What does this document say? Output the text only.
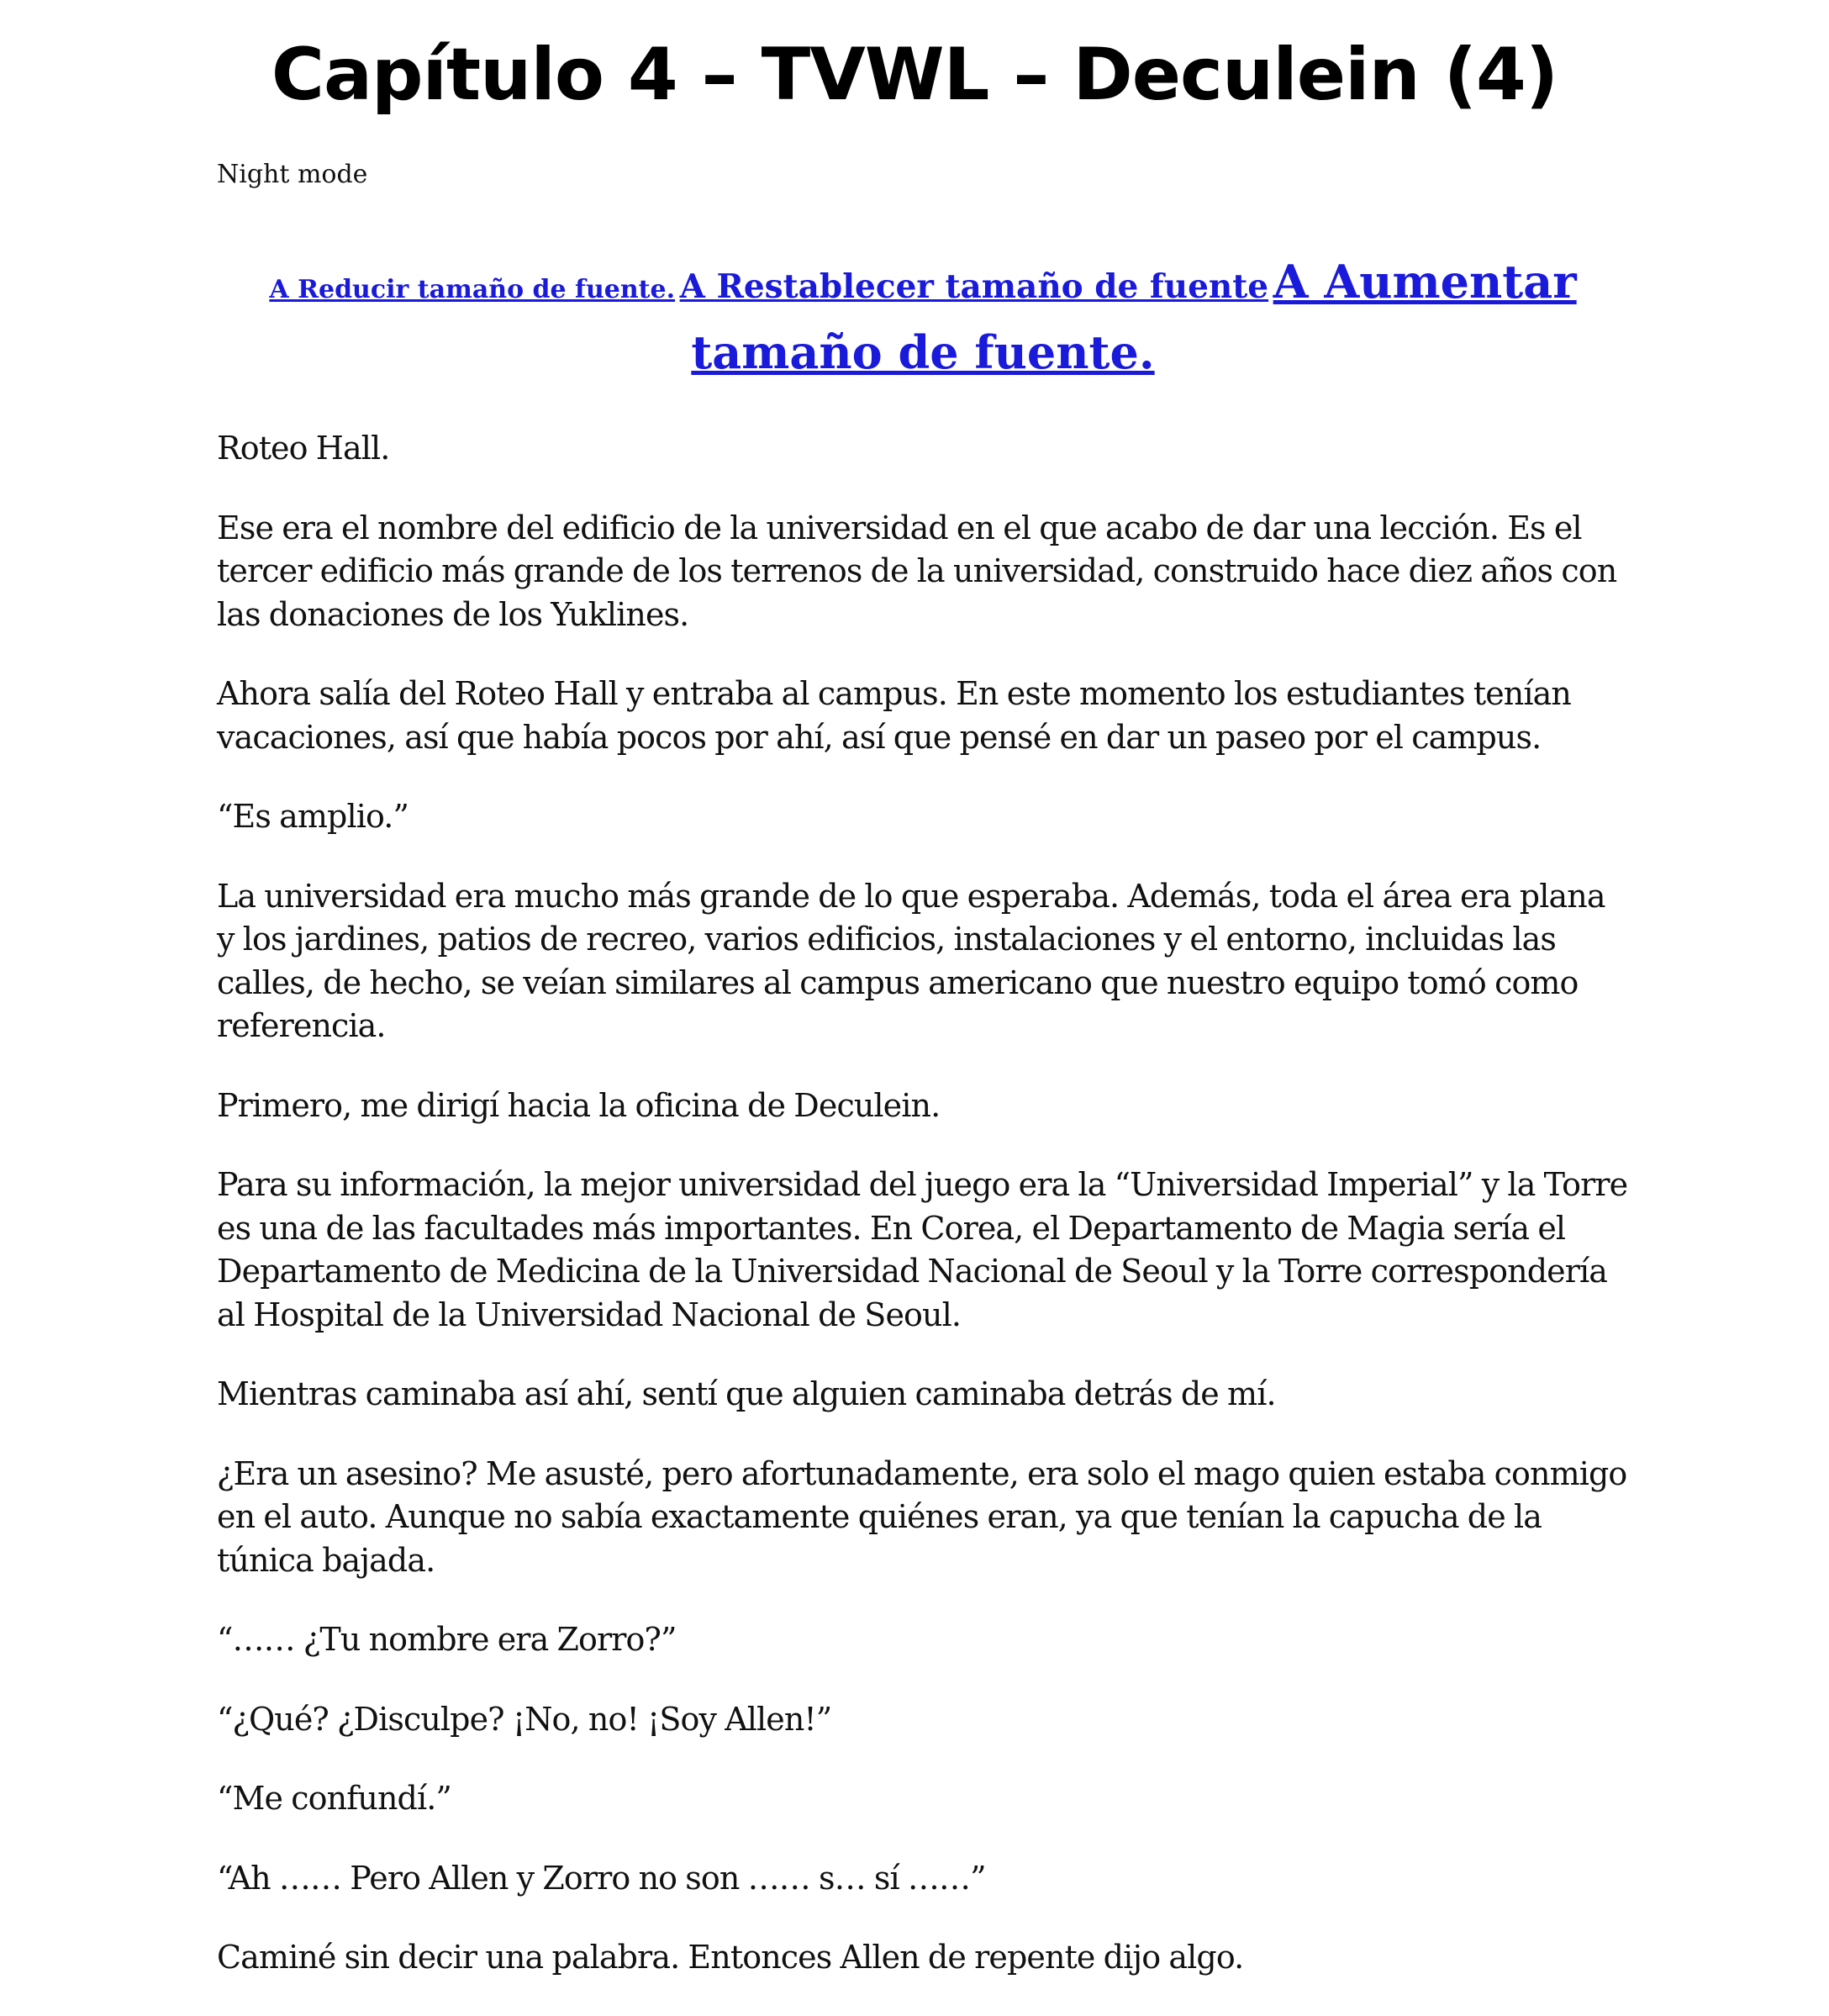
Capítulo 4 – TVWL – Deculein (4)

Night mode

A Reducir tamaño de fuente. A Restablecer tamaño de fuente A Aumentar tamaño de fuente.

Roteo Hall.

Ese era el nombre del edificio de la universidad en el que acabo de dar una lección. Es el tercer edificio más grande de los terrenos de la universidad, construido hace diez años con las donaciones de los Yuklines.

Ahora salía del Roteo Hall y entraba al campus. En este momento los estudiantes tenían vacaciones, así que había pocos por ahí, así que pensé en dar un paseo por el campus.

“Es amplio.”

La universidad era mucho más grande de lo que esperaba. Además, toda el área era plana y los jardines, patios de recreo, varios edificios, instalaciones y el entorno, incluidas las calles, de hecho, se veían similares al campus americano que nuestro equipo tomó como referencia.

Primero, me dirigí hacia la oficina de Deculein.

Para su información, la mejor universidad del juego era la “Universidad Imperial” y la Torre es una de las facultades más importantes. En Corea, el Departamento de Magia sería el Departamento de Medicina de la Universidad Nacional de Seoul y la Torre correspondería al Hospital de la Universidad Nacional de Seoul.

Mientras caminaba así ahí, sentí que alguien caminaba detrás de mí.

¿Era un asesino? Me asusté, pero afortunadamente, era solo el mago quien estaba conmigo en el auto. Aunque no sabía exactamente quiénes eran, ya que tenían la capucha de la túnica bajada.

“…… ¿Tu nombre era Zorro?”

“¿Qué? ¿Disculpe? ¡No, no! ¡Soy Allen!”

“Me confundí.”

“Ah …… Pero Allen y Zorro no son …… s… sí ……”

Caminé sin decir una palabra. Entonces Allen de repente dijo algo.
